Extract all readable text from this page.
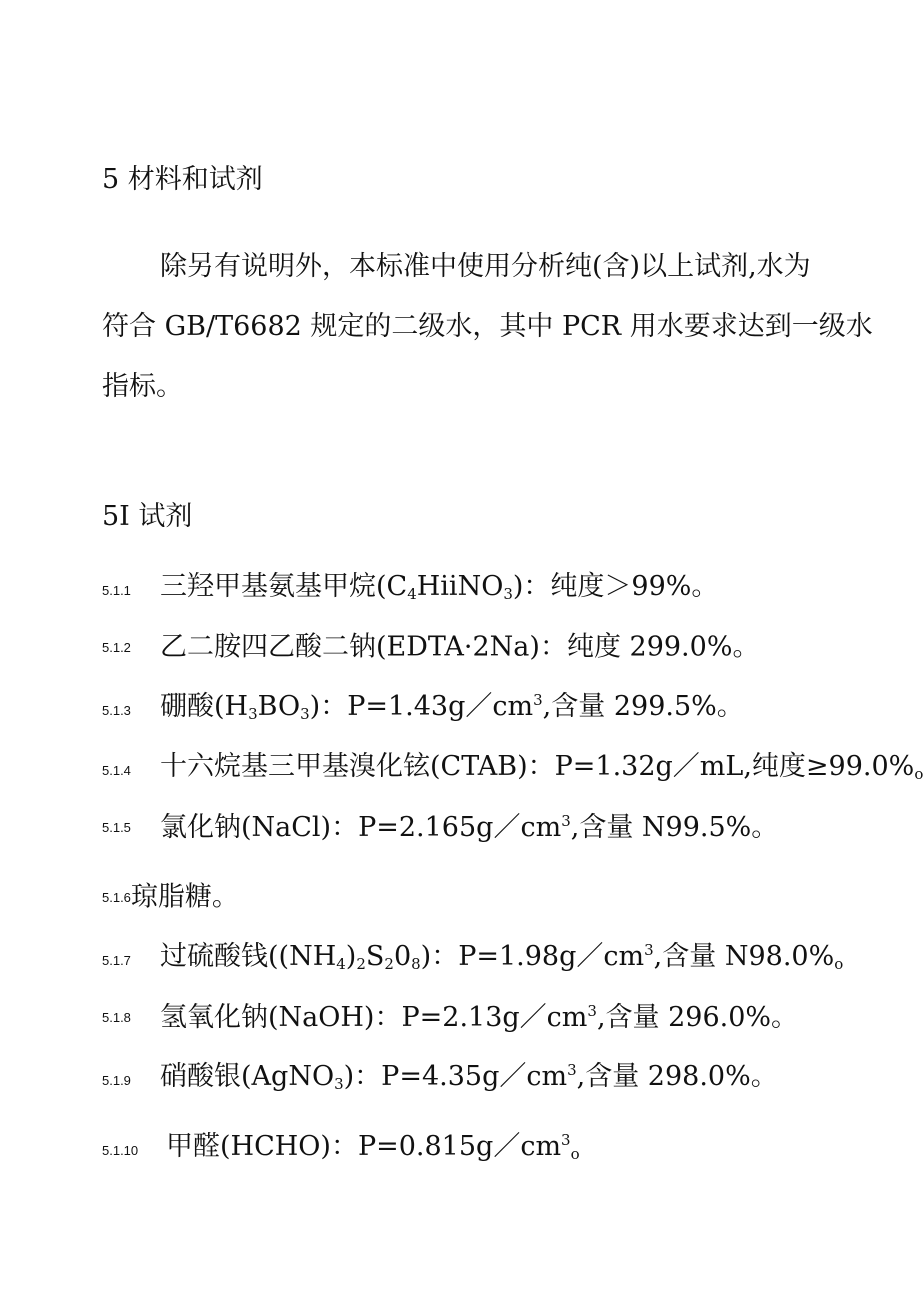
5 材料和试剂
除另有说明外，本标准中使用分析纯(含)以上试剂,水为
符合 GB/T6682 规定的二级水，其中 PCR 用水要求达到一级水
指标。
5I 试剂
5.1.1 三羟甲基氨基甲烷$(C_4HiiNO_3)$：纯度＞99%。
5.1.2 乙二胺四乙酸二钠(EDTA·2Na)：纯度 299.0%。
5.1.3 硼酸$(H_3BO_3)$：$P=1.43g/cm^3$,含量 299.5%。
5.1.4 十六烷基三甲基溴化铉(CTAB)：P=1.32g／mL,纯度$\ge 99.0\%_o$
5.1.5 氯化钠(NaCl)：$P=2.165g/cm^3$,含量 N99.5%。
5.1.6琼脂糖。
5.1.7 过硫酸钱$((NH_4)_2S_20_8)$：$P=1.98g/cm^3$,含量 $N98.0\%_o$
5.1.8 氢氧化钠(NaOH)：$P=2.13g/cm^3$,含量 296.0%。
5.1.9 硝酸银(AgNO$_3$)：$P=4.35g/cm^3$,含量 298.0%。
5.1.10 甲醛(HCHO)：$P=0.815g/cm^3_o$
